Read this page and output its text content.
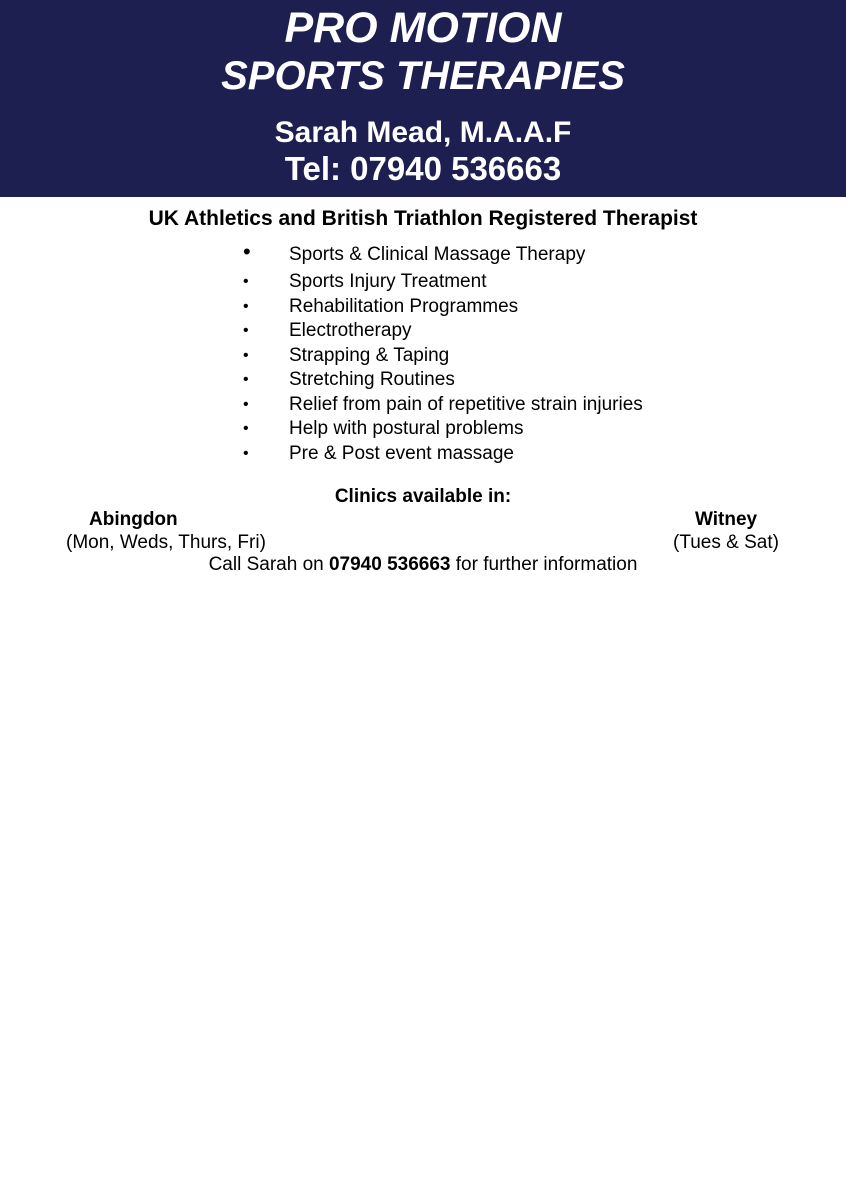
PRO MOTION
SPORTS THERAPIES
Sarah Mead, M.A.A.F
Tel: 07940 536663
UK Athletics and British Triathlon Registered Therapist
• Sports & Clinical Massage Therapy
• Sports Injury Treatment
• Rehabilitation Programmes
• Electrotherapy
• Strapping & Taping
• Stretching Routines
• Relief from pain of repetitive strain injuries
• Help with postural problems
• Pre & Post event massage
Clinics available in:
Abingdon
(Mon, Weds, Thurs, Fri)
Witney
(Tues & Sat)
Call Sarah on 07940 536663 for further information
